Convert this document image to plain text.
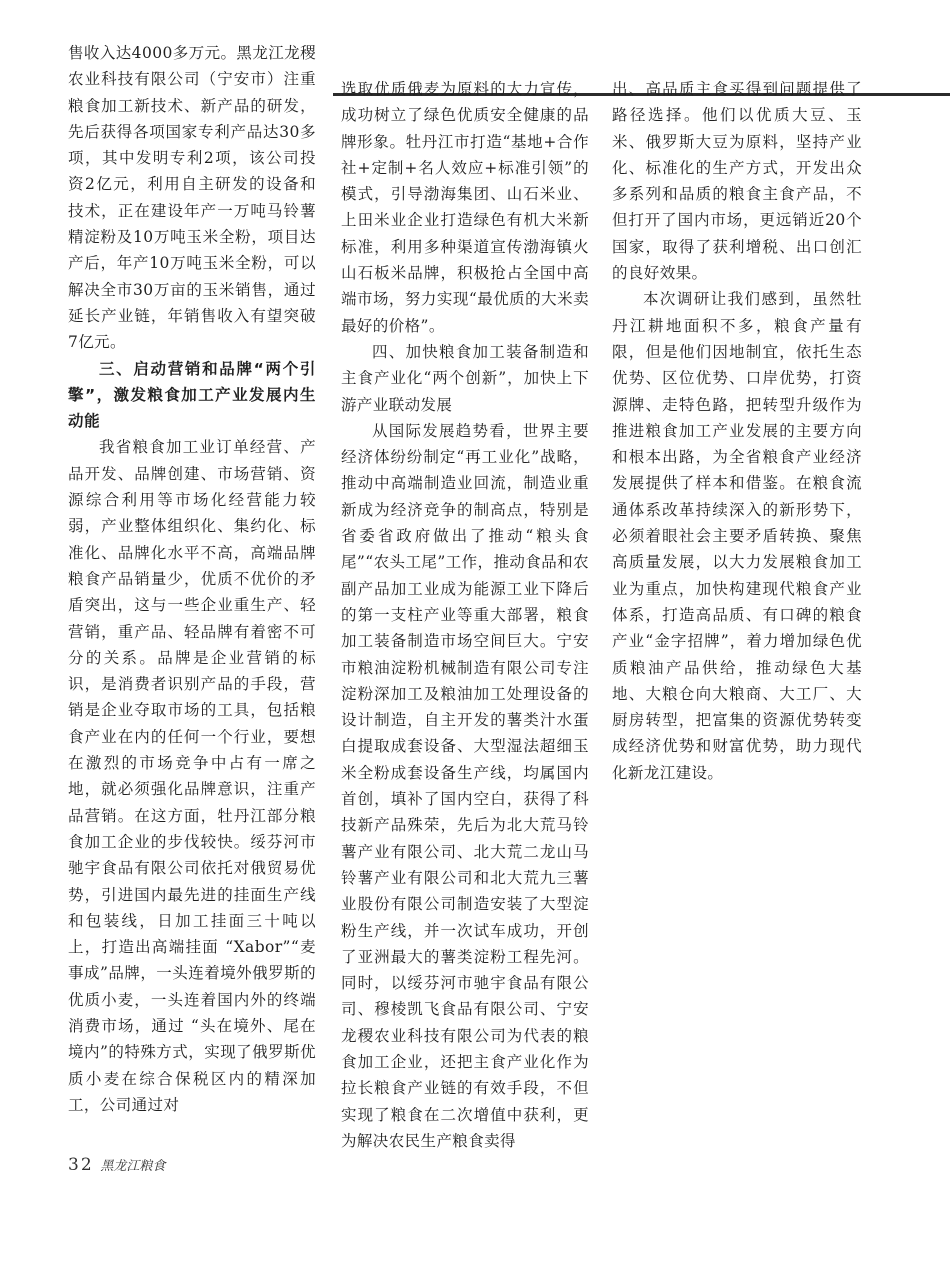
售收入达4000多万元。黑龙江龙稷农业科技有限公司（宁安市）注重粮食加工新技术、新产品的研发，先后获得各项国家专利产品达30多项，其中发明专利2项，该公司投资2亿元，利用自主研发的设备和技术，正在建设年产一万吨马铃薯精淀粉及10万吨玉米全粉，项目达产后，年产10万吨玉米全粉，可以解决全市30万亩的玉米销售，通过延长产业链，年销售收入有望突破7亿元。

三、启动营销和品牌“两个引擎”，激发粮食加工产业发展内生动能

我省粮食加工业订单经营、产品开发、品牌创建、市场营销、资源综合利用等市场化经营能力较弱，产业整体组织化、集约化、标准化、品牌化水平不高，高端品牌粮食产品销量少，优质不优价的矛盾突出，这与一些企业重生产、轻营销，重产品、轻品牌有着密不可分的关系。品牌是企业营销的标识，是消费者识别产品的手段，营销是企业夺取市场的工具，包括粮食产业在内的任何一个行业，要想在激烈的市场竞争中占有一席之地，就必须强化品牌意识，注重产品营销。在这方面，牡丹江部分粮食加工企业的步伐较快。绥芬河市驰宇食品有限公司依托对俄贸易优势，引进国内最先进的挂面生产线和包装线，日加工挂面三十吨以上，打造出高端挂面 “Xabor”“麦事成”品牌，一头连着境外俄罗斯的优质小麦，一头连着国内外的终端消费市场，通过 “头在境外、尾在境内”的特殊方式，实现了俄罗斯优质小麦在综合保税区内的精深加工，公司通过对

选取优质俄麦为原料的大力宣传，成功树立了绿色优质安全健康的品牌形象。牡丹江市打造“基地+合作社+定制+名人效应+标准引领”的模式，引导渤海集团、山石米业、上田米业企业打造绿色有机大米新标准，利用多种渠道宣传渤海镇火山石板米品牌，积极抢占全国中高端市场，努力实现“最优质的大米卖最好的价格”。

四、加快粮食加工装备制造和主食产业化“两个创新”，加快上下游产业联动发展

从国际发展趋势看，世界主要经济体纷纷制定“再工业化”战略，推动中高端制造业回流，制造业重新成为经济竞争的制高点，特别是省委省政府做出了推动“粮头食尾”“农头工尾”工作，推动食品和农副产品加工业成为能源工业下降后的第一支柱产业等重大部署，粮食加工装备制造市场空间巨大。宁安市粮油淀粉机械制造有限公司专注淀粉深加工及粮油加工处理设备的设计制造，自主开发的薯类汁水蛋白提取成套设备、大型湿法超细玉米全粉成套设备生产线，均属国内首创，填补了国内空白，获得了科技新产品殊荣，先后为北大荒马铃薯产业有限公司、北大荒二龙山马铃薯产业有限公司和北大荒九三薯业股份有限公司制造安装了大型淀粉生产线，并一次试车成功，开创了亚洲最大的薯类淀粉工程先河。同时，以绥芬河市驰宇食品有限公司、穆棱凯飞食品有限公司、宁安龙稷农业科技有限公司为代表的粮食加工企业，还把主食产业化作为拉长粮食产业链的有效手段，不但实现了粮食在二次增值中获利，更为解决农民生产粮食卖得

出、高品质主食买得到问题提供了路径选择。他们以优质大豆、玉米、俄罗斯大豆为原料，坚持产业化、标准化的生产方式，开发出众多系列和品质的粮食主食产品，不但打开了国内市场，更远销近20个国家，取得了获利增税、出口创汇的良好效果。

本次调研让我们感到，虽然牡丹江耕地面积不多，粮食产量有限，但是他们因地制宜，依托生态优势、区位优势、口岸优势，打资源牌、走特色路，把转型升级作为推进粮食加工产业发展的主要方向和根本出路，为全省粮食产业经济发展提供了样本和借鉴。在粮食流通体系改革持续深入的新形势下，必须着眼社会主要矛盾转换、聚焦高质量发展，以大力发展粮食加工业为重点，加快构建现代粮食产业体系，打造高品质、有口碑的粮食产业“金字招牌”，着力增加绿色优质粮油产品供给，推动绿色大基地、大粮仓向大粮商、大工厂、大厨房转型，把富集的资源优势转变成经济优势和财富优势，助力现代化新龙江建设。

32 黑龙江粮食
